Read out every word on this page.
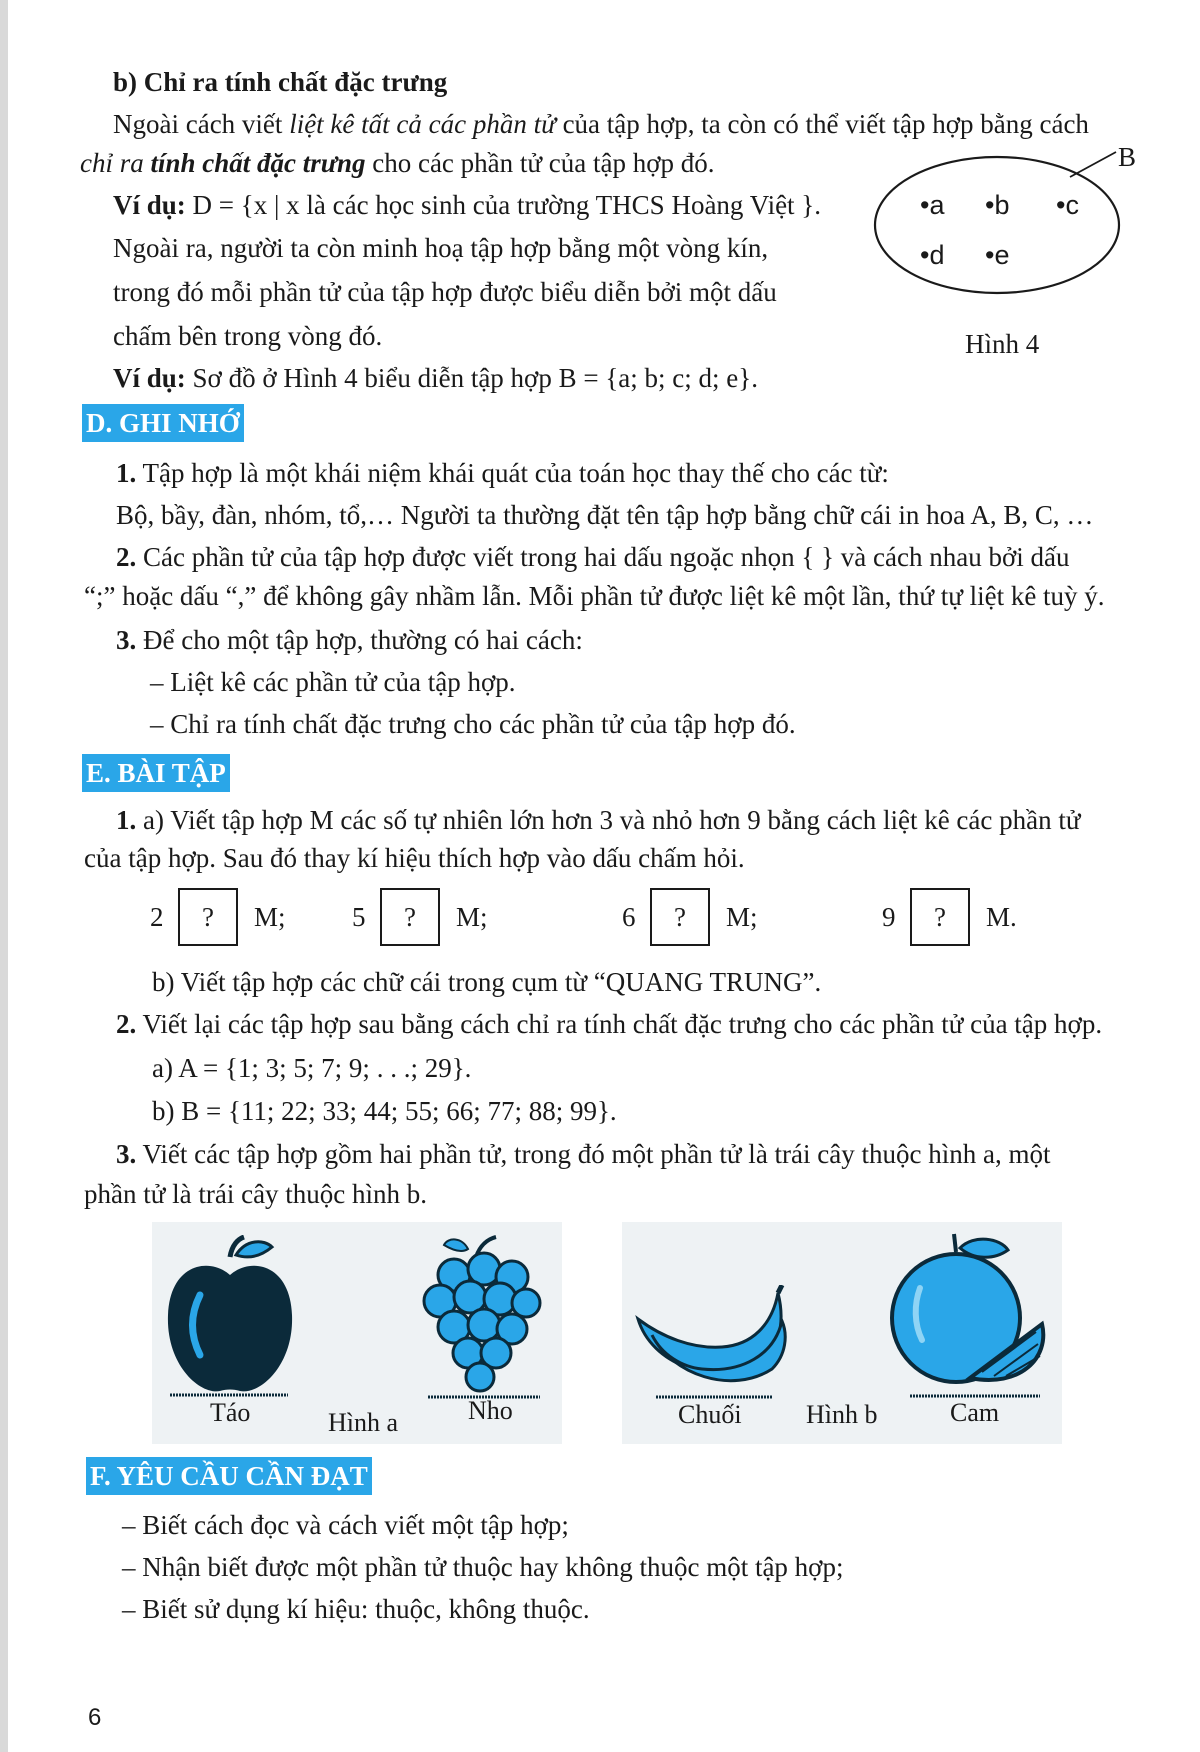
b) Chỉ ra tính chất đặc trưng
Ngoài cách viết liệt kê tất cả các phần tử của tập hợp, ta còn có thể viết tập hợp bằng cách
chỉ ra tính chất đặc trưng cho các phần tử của tập hợp đó.
Ví dụ: D = {x | x là các học sinh của trường THCS Hoàng Việt }.
Ngoài ra, người ta còn minh hoạ tập hợp bằng một vòng kín,
trong đó mỗi phần tử của tập hợp được biểu diễn bởi một dấu
chấm bên trong vòng đó.
Ví dụ: Sơ đồ ở Hình 4 biểu diễn tập hợp B = {a; b; c; d; e}.
B
•a •b •c
•d •e
Hình 4
D. GHI NHỚ
1. Tập hợp là một khái niệm khái quát của toán học thay thế cho các từ:
Bộ, bầy, đàn, nhóm, tổ,… Người ta thường đặt tên tập hợp bằng chữ cái in hoa A, B, C, …
2. Các phần tử của tập hợp được viết trong hai dấu ngoặc nhọn { } và cách nhau bởi dấu
“;” hoặc dấu “,” để không gây nhầm lẫn. Mỗi phần tử được liệt kê một lần, thứ tự liệt kê tuỳ ý.
3. Để cho một tập hợp, thường có hai cách:
– Liệt kê các phần tử của tập hợp.
– Chỉ ra tính chất đặc trưng cho các phần tử của tập hợp đó.
E. BÀI TẬP
1. a) Viết tập hợp M các số tự nhiên lớn hơn 3 và nhỏ hơn 9 bằng cách liệt kê các phần tử
của tập hợp. Sau đó thay kí hiệu thích hợp vào dấu chấm hỏi.
2	?	M; 5	?	M;	6	?	M;	9	?	M.
b) Viết tập hợp các chữ cái trong cụm từ “QUANG TRUNG”.
2. Viết lại các tập hợp sau bằng cách chỉ ra tính chất đặc trưng cho các phần tử của tập hợp.
a) A = {1; 3; 5; 7; 9; . . .; 29}.
b) B = {11; 22; 33; 44; 55; 66; 77; 88; 99}.
3. Viết các tập hợp gồm hai phần tử, trong đó một phần tử là trái cây thuộc hình a, một
phần tử là trái cây thuộc hình b.
Táo	Hình a	Nho	Chuối Hình b	Cam
F. YÊU CẦU CẦN ĐẠT
– Biết cách đọc và cách viết một tập hợp;
– Nhận biết được một phần tử thuộc hay không thuộc một tập hợp;
– Biết sử dụng kí hiệu: thuộc, không thuộc.
6
